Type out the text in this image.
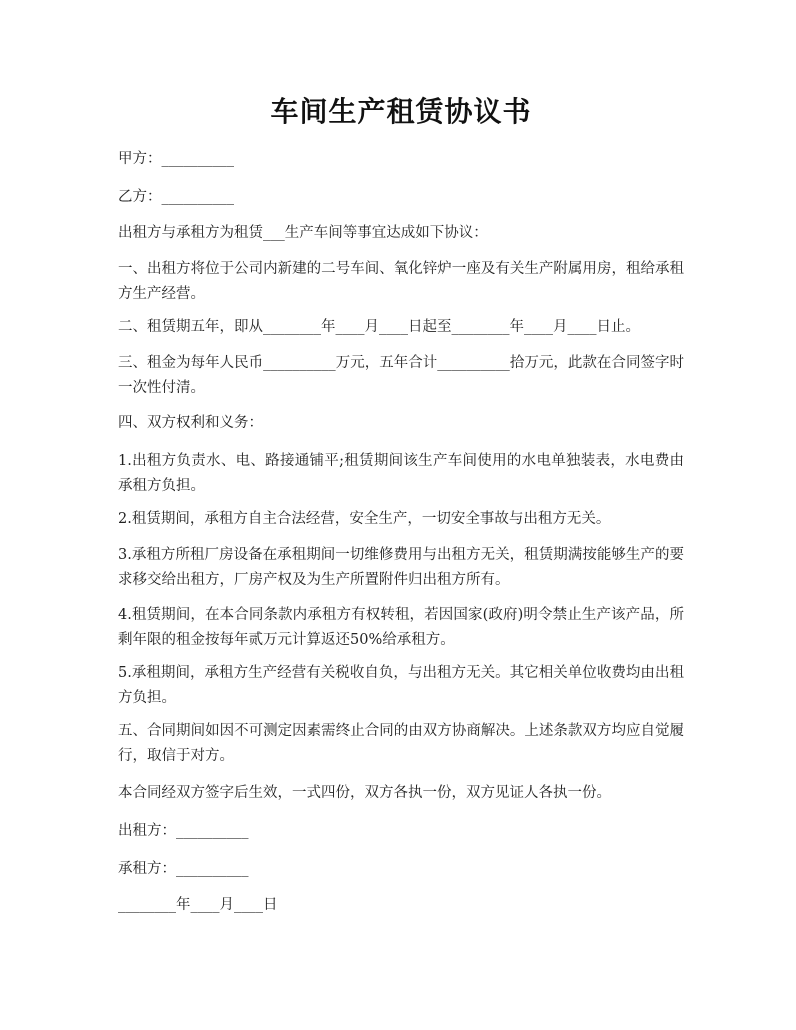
车间生产租赁协议书
甲方：__________
乙方：__________
出租方与承租方为租赁___生产车间等事宜达成如下协议：
一、出租方将位于公司内新建的二号车间、氧化锌炉一座及有关生产附属用房，租给承租方生产经营。
二、租赁期五年，即从________年____月____日起至________年____月____日止。
三、租金为每年人民币__________万元，五年合计__________拾万元，此款在合同签字时一次性付清。
四、双方权利和义务：
1.出租方负责水、电、路接通铺平;租赁期间该生产车间使用的水电单独装表，水电费由承租方负担。
2.租赁期间，承租方自主合法经营，安全生产，一切安全事故与出租方无关。
3.承租方所租厂房设备在承租期间一切维修费用与出租方无关，租赁期满按能够生产的要求移交给出租方，厂房产权及为生产所置附件归出租方所有。
4.租赁期间，在本合同条款内承租方有权转租，若因国家(政府)明令禁止生产该产品，所剩年限的租金按每年贰万元计算返还50%给承租方。
5.承租期间，承租方生产经营有关税收自负，与出租方无关。其它相关单位收费均由出租方负担。
五、合同期间如因不可测定因素需终止合同的由双方协商解决。上述条款双方均应自觉履行，取信于对方。
本合同经双方签字后生效，一式四份，双方各执一份，双方见证人各执一份。
出租方：__________
承租方：__________
________年____月____日
